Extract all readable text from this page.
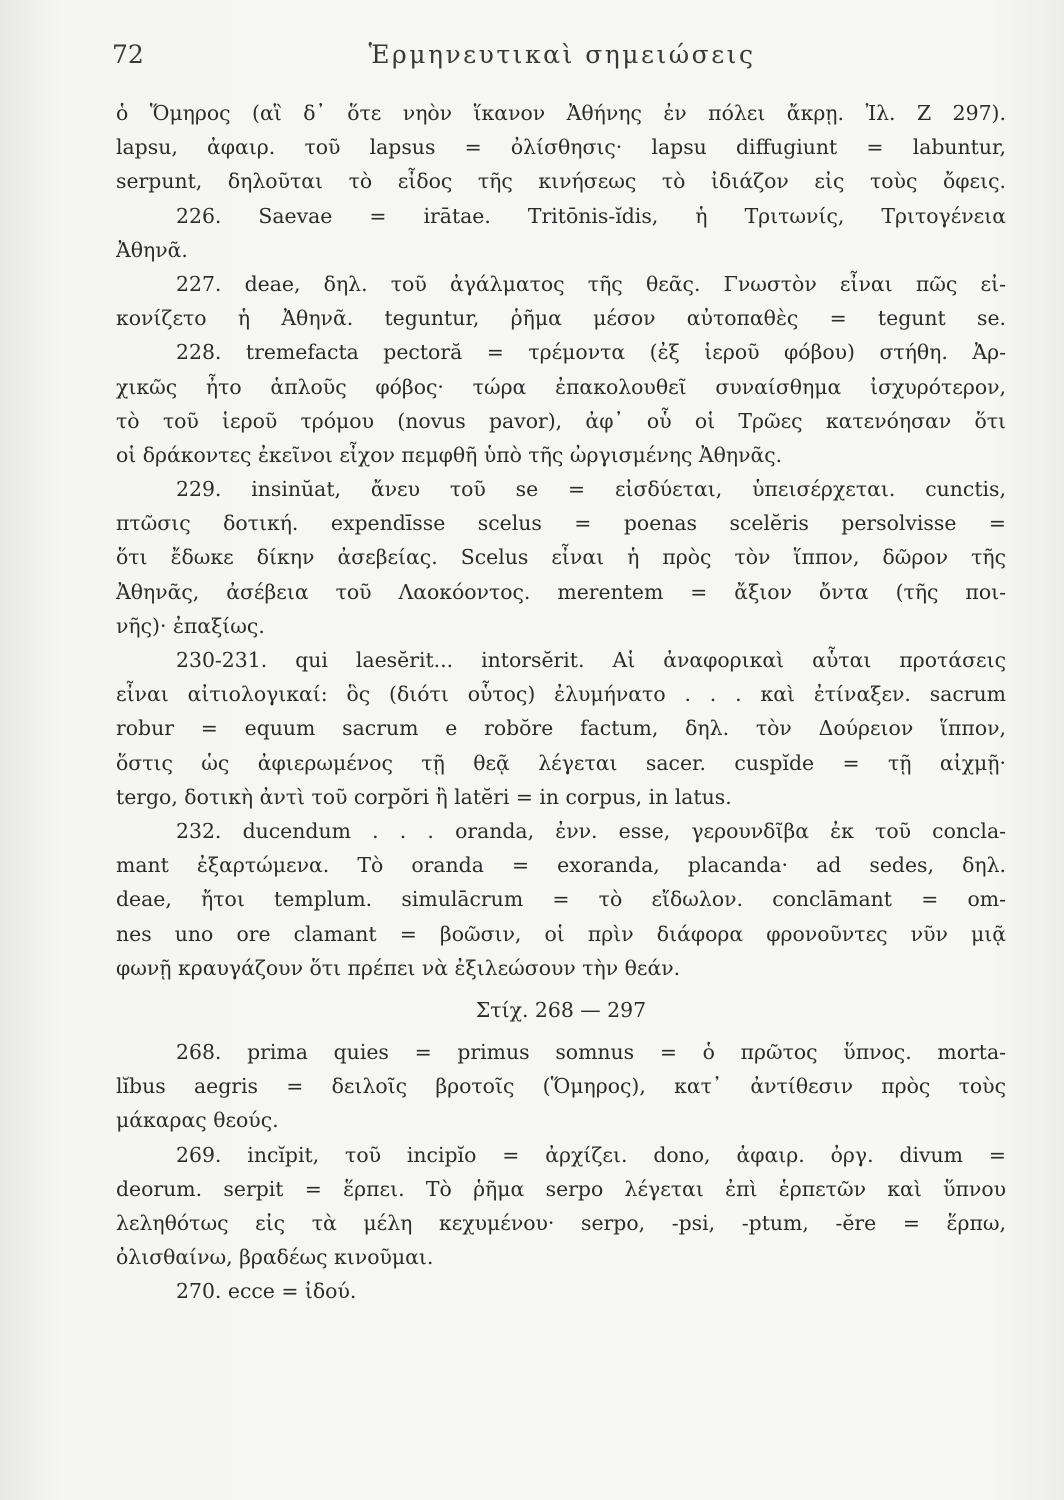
72	Ἑρμηνευτικαὶ σημειώσεις
ὁ Ὅμηρος (αἳ δ᾽ ὅτε νηὸν ἵκανον Ἀθήνης ἐν πόλει ἄκρῃ. Ἰλ. Ζ 297).
lapsu, ἀφαιρ. τοῦ lapsus = ὀλίσθησις· lapsu diffugiunt = labuntur,
serpunt, δηλοῦται τὸ εἶδος τῆς κινήσεως τὸ ἰδιάζον εἰς τοὺς ὄφεις.
226. Saevae = irātae. Tritōnis-ĭdis, ἡ Τριτωνίς, Τριτογένεια
Ἀθηνᾶ.
227. deae, δηλ. τοῦ ἀγάλματος τῆς θεᾶς. Γνωστὸν εἶναι πῶς εἰ-
κονίζετο ἡ Ἀθηνᾶ. teguntur, ῥῆμα μέσον αὐτοπαθὲς = tegunt se.
228. tremefacta pectoră = τρέμοντα (ἐξ ἱεροῦ φόβου) στήθη. Ἀρ-
χικῶς ἦτο ἁπλοῦς φόβος· τώρα ἐπακολουθεῖ συναίσθημα ἰσχυρότερον,
τὸ τοῦ ἱεροῦ τρόμου (novus pavor), ἀφ᾽ οὗ οἱ Τρῶες κατενόησαν ὅτι
οἱ δράκοντες ἐκεῖνοι εἶχον πεμφθῆ ὑπὸ τῆς ὠργισμένης Ἀθηνᾶς.
229. insinŭat, ἄνευ τοῦ se = εἰσδύεται, ὑπεισέρχεται. cunctis,
πτῶσις δοτική. expendīsse scelus = poenas scelĕris persolvisse =
ὅτι ἔδωκε δίκην ἀσεβείας. Scelus εἶναι ἡ πρὸς τὸν ἵππον, δῶρον τῆς
Ἀθηνᾶς, ἀσέβεια τοῦ Λαοκόοντος. merentem = ἄξιον ὄντα (τῆς ποι-
νῆς)· ἐπαξίως.
230-231. qui laesĕrit... intorsĕrit. Αἱ ἀναφορικαὶ αὗται προτάσεις
εἶναι αἰτιολογικαί: ὃς (διότι οὗτος) ἐλυμήνατο . . . καὶ ἐτίναξεν. sacrum
robur = equum sacrum e robŏre factum, δηλ. τὸν Δούρειον ἵππον,
ὅστις ὡς ἀφιερωμένος τῇ θεᾷ λέγεται sacer. cuspĭde = τῇ αἰχμῇ·
tergo, δοτικὴ ἀντὶ τοῦ corpŏri ἢ latĕri = in corpus, in latus.
232. ducendum . . . oranda, ἐνν. esse, γερουνδῖβα ἐκ τοῦ concla-
mant ἐξαρτώμενα. Τὸ oranda = exoranda, placanda· ad sedes, δηλ.
deae, ἤτοι templum. simulācrum = τὸ εἴδωλον. conclāmant = om-
nes uno ore clamant = βοῶσιν, οἱ πρὶν διάφορα φρονοῦντες νῦν μιᾷ
φωνῇ κραυγάζουν ὅτι πρέπει νὰ ἐξιλεώσουν τὴν θεάν.
Στίχ. 268 — 297
268. prima quies = primus somnus = ὁ πρῶτος ὕπνος. morta-
lĭbus aegris = δειλοῖς βροτοῖς (Ὅμηρος), κατ᾽ ἀντίθεσιν πρὸς τοὺς
μάκαρας θεούς.
269. incĭpit, τοῦ incipĭo = ἀρχίζει. dono, ἀφαιρ. ὀργ. divum =
deorum. serpit = ἕρπει. Τὸ ῥῆμα serpo λέγεται ἐπὶ ἑρπετῶν καὶ ὕπνου
λεληθότως εἰς τὰ μέλη κεχυμένου· serpo, -psi, -ptum, -ĕre = ἕρπω,
ὀλισθαίνω, βραδέως κινοῦμαι.
270. ecce = ἰδού.
